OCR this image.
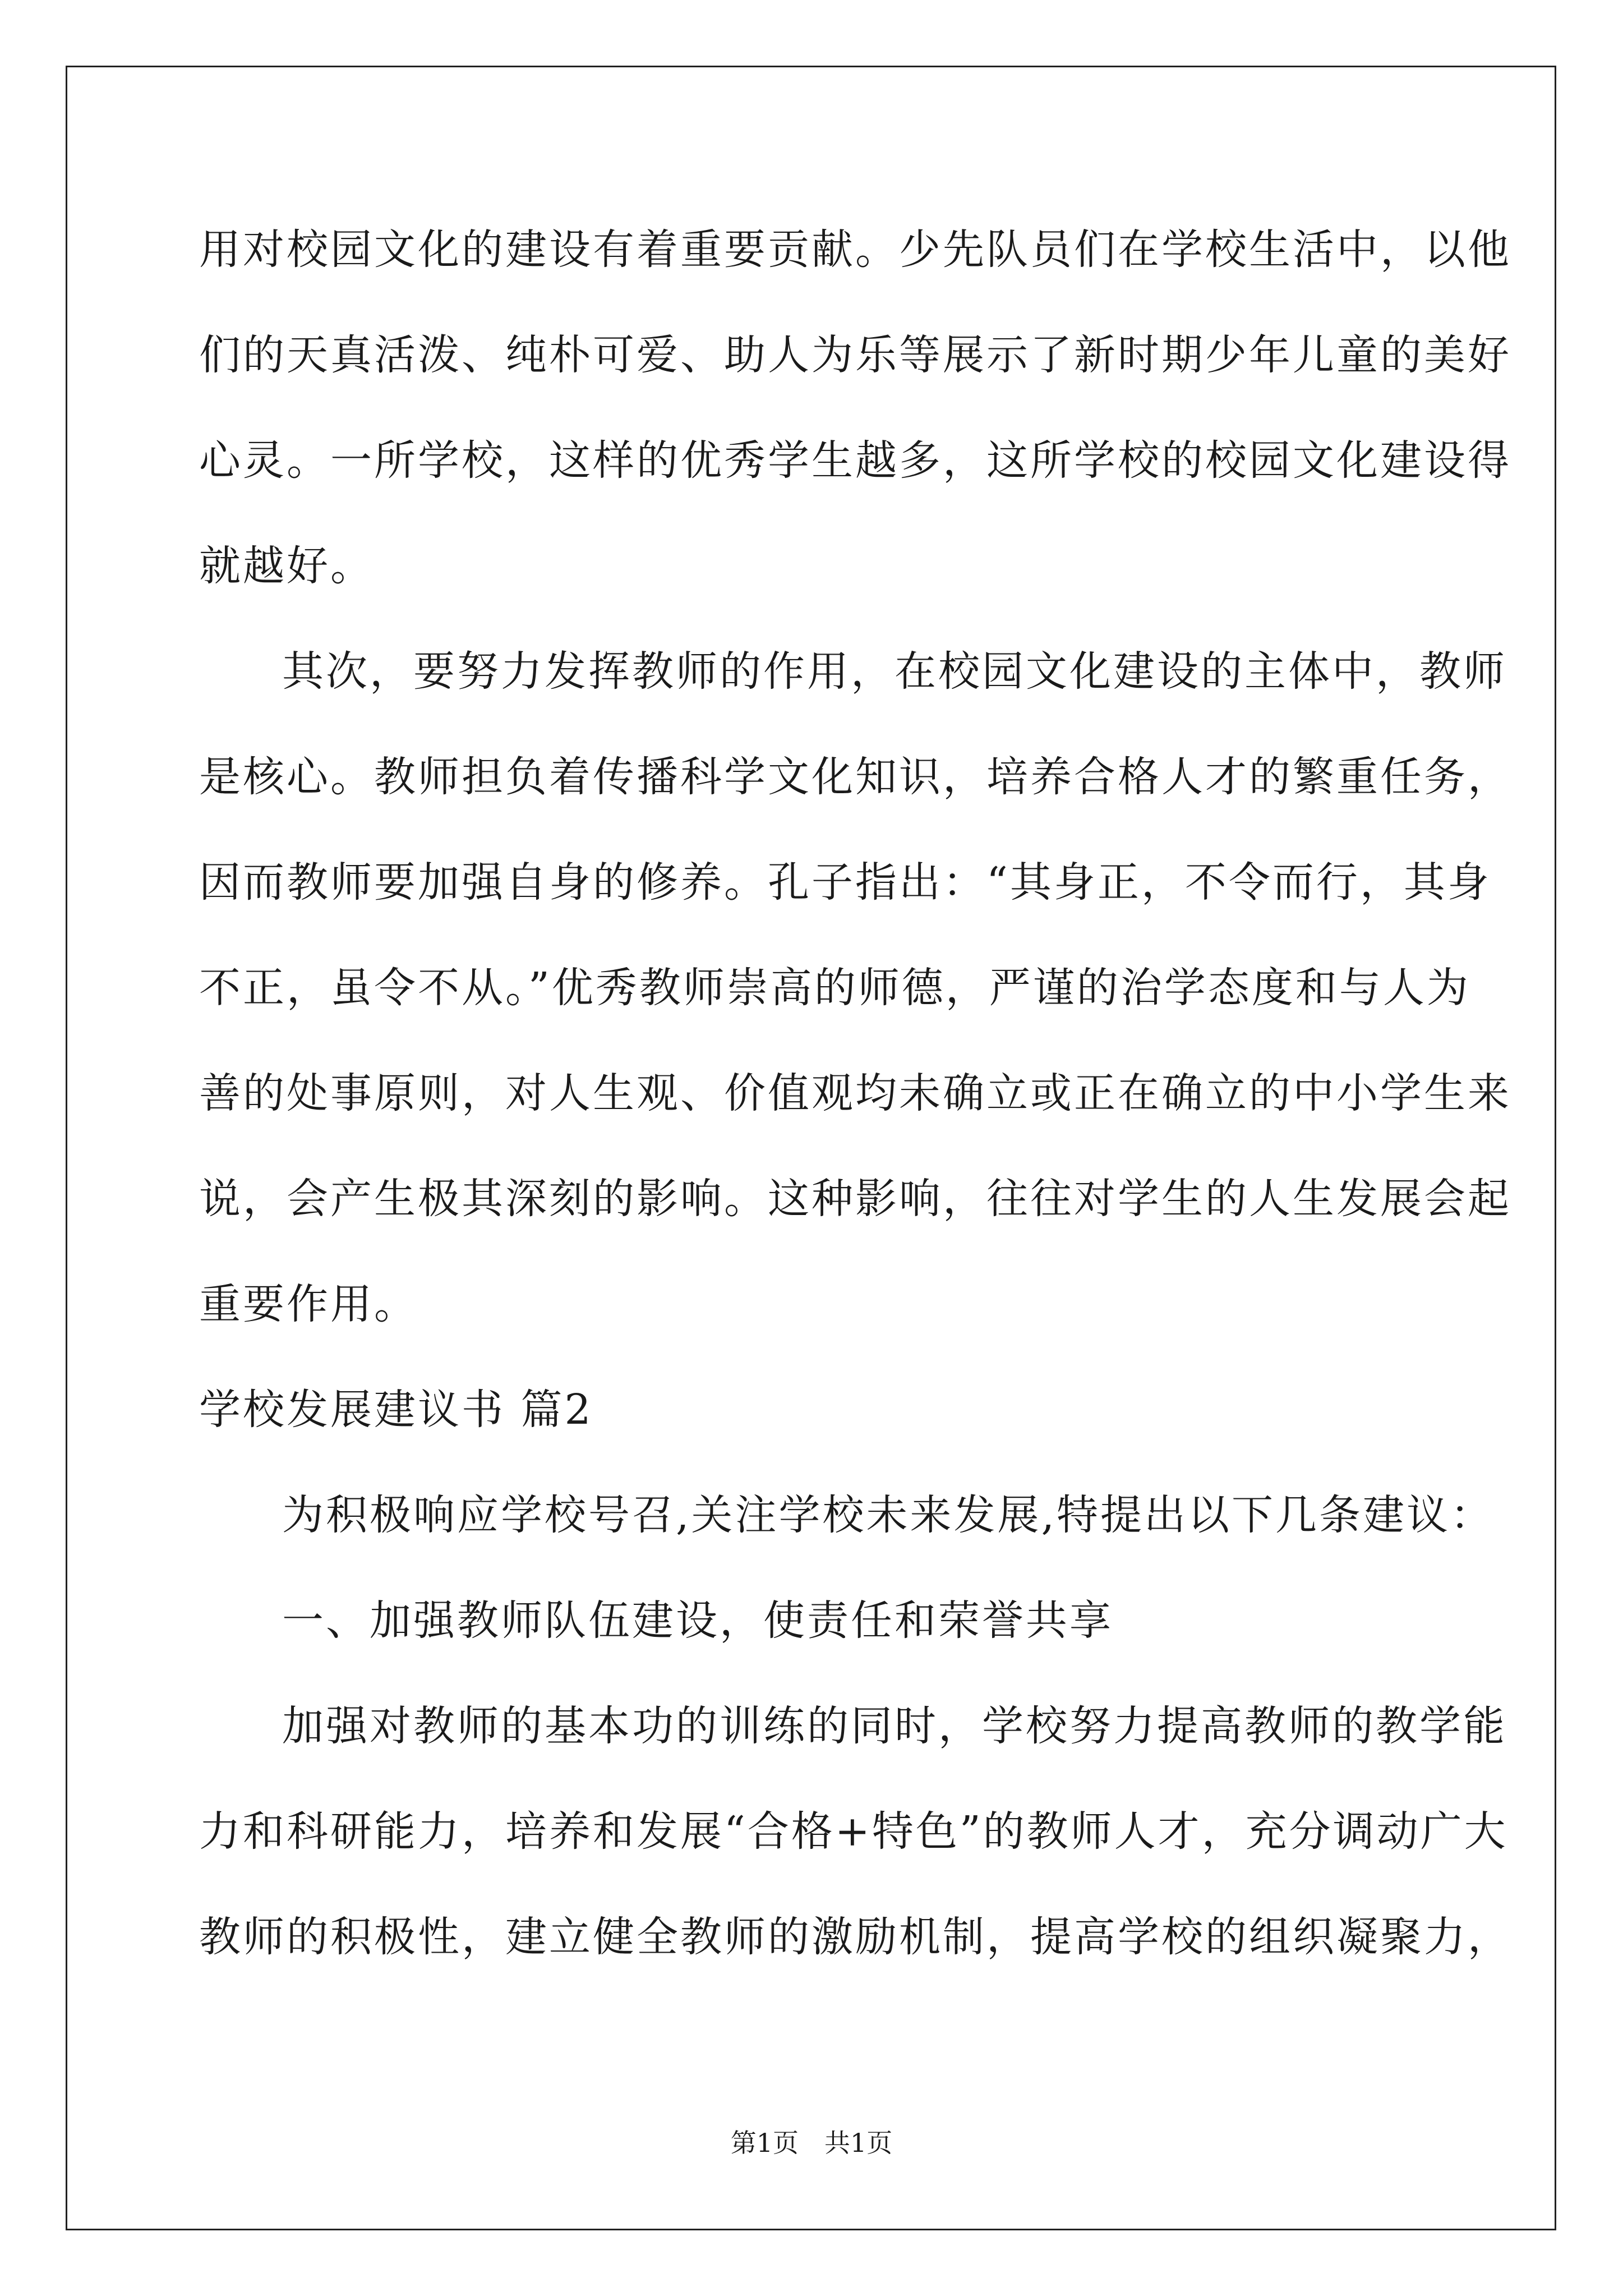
用对校园文化的建设有着重要贡献。少先队员们在学校生活中，以他
们的天真活泼、纯朴可爱、助人为乐等展示了新时期少年儿童的美好
心灵。一所学校，这样的优秀学生越多，这所学校的校园文化建设得
就越好。
其次，要努力发挥教师的作用，在校园文化建设的主体中，教师
是核心。教师担负着传播科学文化知识，培养合格人才的繁重任务，
因而教师要加强自身的修养。孔子指出：“其身正，不令而行，其身
不正，虽令不从。”优秀教师崇高的师德，严谨的治学态度和与人为
善的处事原则，对人生观、价值观均未确立或正在确立的中小学生来
说，会产生极其深刻的影响。这种影响，往往对学生的人生发展会起
重要作用。
学校发展建议书 篇2
为积极响应学校号召,关注学校未来发展,特提出以下几条建议：
一、加强教师队伍建设，使责任和荣誉共享
加强对教师的基本功的训练的同时，学校努力提高教师的教学能
力和科研能力，培养和发展“合格+特色”的教师人才，充分调动广大
教师的积极性，建立健全教师的激励机制，提高学校的组织凝聚力，
第1页　共1页
